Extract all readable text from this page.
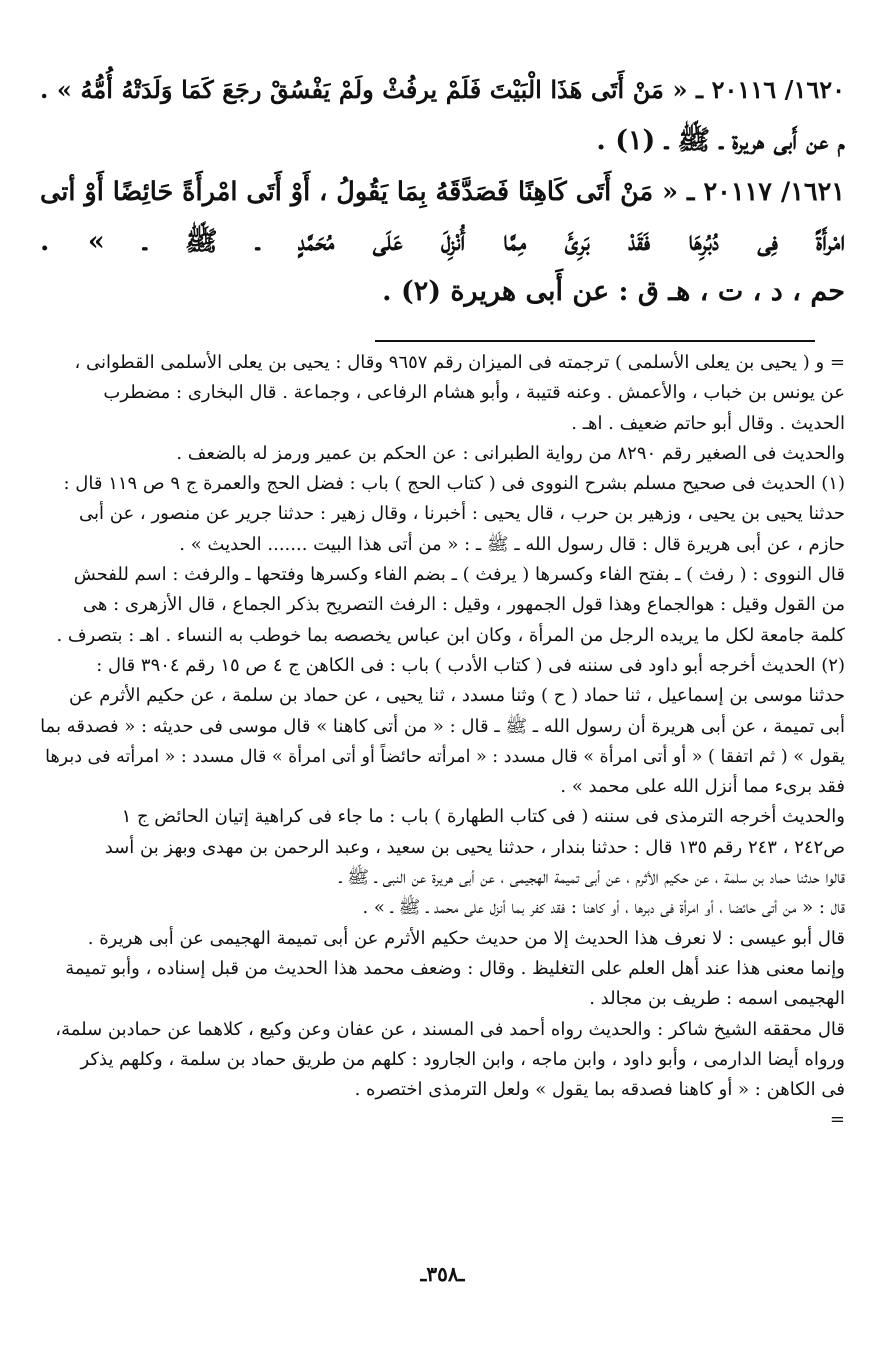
١٦٢٠/ ٢٠١١٦ ـ « مَنْ أَتَى هَذَا الْبَيْتَ فَلَمْ يرفُثْ ولَمْ يَفْسُقْ رجَعَ كَمَا وَلَدَتْهُ أُمُّهُ » .
م عن أَبى هريرة ـ ﷺ ـ (١) .
١٦٢١/ ٢٠١١٧ ـ « مَنْ أَتَى كَاهِنًا فَصَدَّقَهُ بِمَا يَقُولُ ، أَوْ أَتَى امْرأَةً حَائِضًا أَوْ أتى
امْرأَةً فِى دُبُرِهَا فَقَدْ بَرِئَ مِمَّا أُنْزِلَ عَلَى مُحَمَّدٍ ـ ﷺ ـ » .
حم ، د ، ت ، هـ ق : عن أَبى هريرة (٢) .

= و ( يحيى بن يعلى الأسلمى ) ترجمته فى الميزان رقم ٩٦٥٧ وقال : يحيى بن يعلى الأسلمى القطوانى ،
عن يونس بن خباب ، والأعمش . وعنه قتيبة ، وأبو هشام الرفاعى ، وجماعة . قال البخارى : مضطرب
الحديث . وقال أبو حاتم ضعيف . اهـ .
والحديث فى الصغير رقم ٨٢٩٠ من رواية الطبرانى : عن الحكم بن عمير ورمز له بالضعف .

(١) الحديث فى صحيح مسلم بشرح النووى فى ( كتاب الحج ) باب : فضل الحج والعمرة ج ٩ ص ١١٩ قال :
حدثنا يحيى بن يحيى ، وزهير بن حرب ، قال يحيى : أخبرنا ، وقال زهير : حدثنا جرير عن منصور ، عن أبى
حازم ، عن أبى هريرة قال : قال رسول الله ـ ﷺ ـ : « من أتى هذا البيت ....... الحديث » .
قال النووى : ( رفث ) ـ بفتح الفاء وكسرها ( يرفث ) ـ بضم الفاء وكسرها وفتحها ـ والرفث : اسم للفحش
من القول وقيل : هوالجماع وهذا قول الجمهور ، وقيل : الرفث التصريح بذكر الجماع ، قال الأزهرى : هى
كلمة جامعة لكل ما يريده الرجل من المرأة ، وكان ابن عباس يخصصه بما خوطب به النساء . اهـ : بتصرف .

(٢) الحديث أخرجه أبو داود فى سننه فى ( كتاب الأدب ) باب : فى الكاهن ج ٤ ص ١٥ رقم ٣٩٠٤ قال :
حدثنا موسى بن إسماعيل ، ثنا حماد ( ح ) وثنا مسدد ، ثنا يحيى ، عن حماد بن سلمة ، عن حكيم الأثرم عن
أبى تميمة ، عن أبى هريرة أن رسول الله ـ ﷺ ـ قال : « من أتى كاهنا » قال موسى فى حديثه : « فصدقه بما
يقول » ( ثم اتفقا ) « أو أتى امرأة » قال مسدد : « امرأته حائضاً أو أتى امرأة » قال مسدد : « امرأته فى دبرها
فقد برىء مما أنزل الله على محمد » .

والحديث أخرجه الترمذى فى سننه ( فى كتاب الطهارة ) باب : ما جاء فى كراهية إتيان الحائض ج ١
ص٢٤٢ ، ٢٤٣ رقم ١٣٥ قال : حدثنا بندار ، حدثنا يحيى بن سعيد ، وعبد الرحمن بن مهدى وبهز بن أسد
قالوا حدثنا حماد بن سلمة ، عن حكيم الأثرم ، عن أبى تميمة الهجيمى ، عن أبى هريرة عن النبى ـ ﷺ ـ
قال : « من أتى حائضا ، أو امرأة فى دبرها ، أو كاهنا : فقد كفر بما أنزل على محمد ـ ﷺ ـ » .
قال أبو عيسى : لا نعرف هذا الحديث إلا من حديث حكيم الأثرم عن أبى تميمة الهجيمى عن أبى هريرة .
وإنما معنى هذا عند أهل العلم على التغليظ . وقال : وضعف محمد هذا الحديث من قبل إسناده ، وأبو تميمة
الهجيمى اسمه : طريف بن مجالد .

قال محققه الشيخ شاكر : والحديث رواه أحمد فى المسند ، عن عفان وعن وكيع ، كلاهما عن حمادبن سلمة،
ورواه أيضا الدارمى ، وأبو داود ، وابن ماجه ، وابن الجارود : كلهم من طريق حماد بن سلمة ، وكلهم يذكر
فى الكاهن : « أو كاهنا فصدقه بما يقول » ولعل الترمذى اختصره .
=

ـ٣٥٨ـ
